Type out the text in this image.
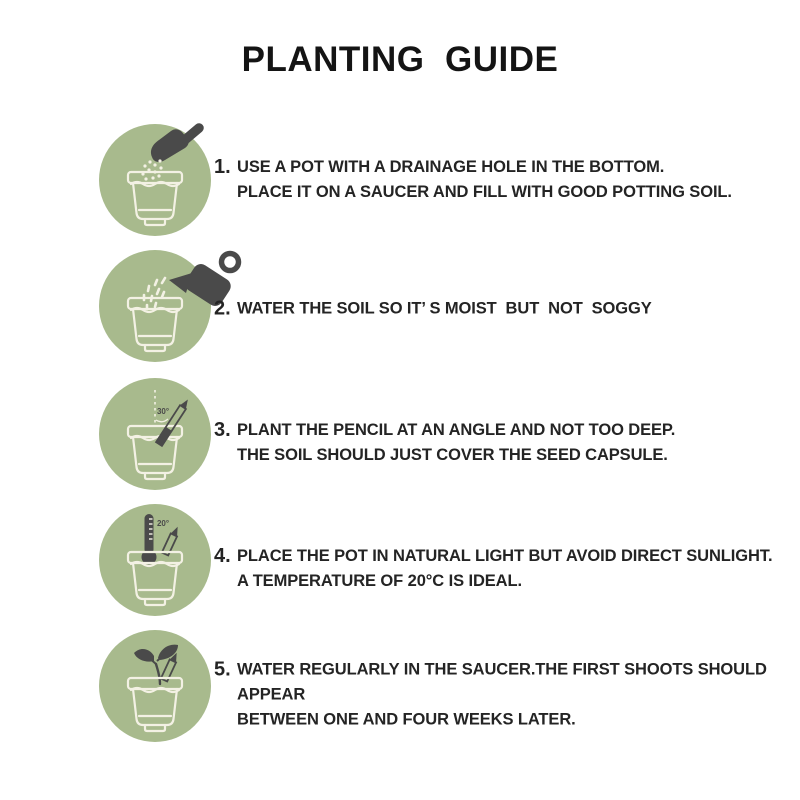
PLANTING  GUIDE
1. USE A POT WITH A DRAINAGE HOLE IN THE BOTTOM.
PLACE IT ON A SAUCER AND FILL WITH GOOD POTTING SOIL.
2. WATER THE SOIL SO IT’ S MOIST  BUT  NOT  SOGGY
30°
3. PLANT THE PENCIL AT AN ANGLE AND NOT TOO DEEP.
THE SOIL SHOULD JUST COVER THE SEED CAPSULE.
20°
4. PLACE THE POT IN NATURAL LIGHT BUT AVOID DIRECT SUNLIGHT.
A TEMPERATURE OF 20°C IS IDEAL.
5. WATER REGULARLY IN THE SAUCER.THE FIRST SHOOTS SHOULD APPEAR
BETWEEN ONE AND FOUR WEEKS LATER.
